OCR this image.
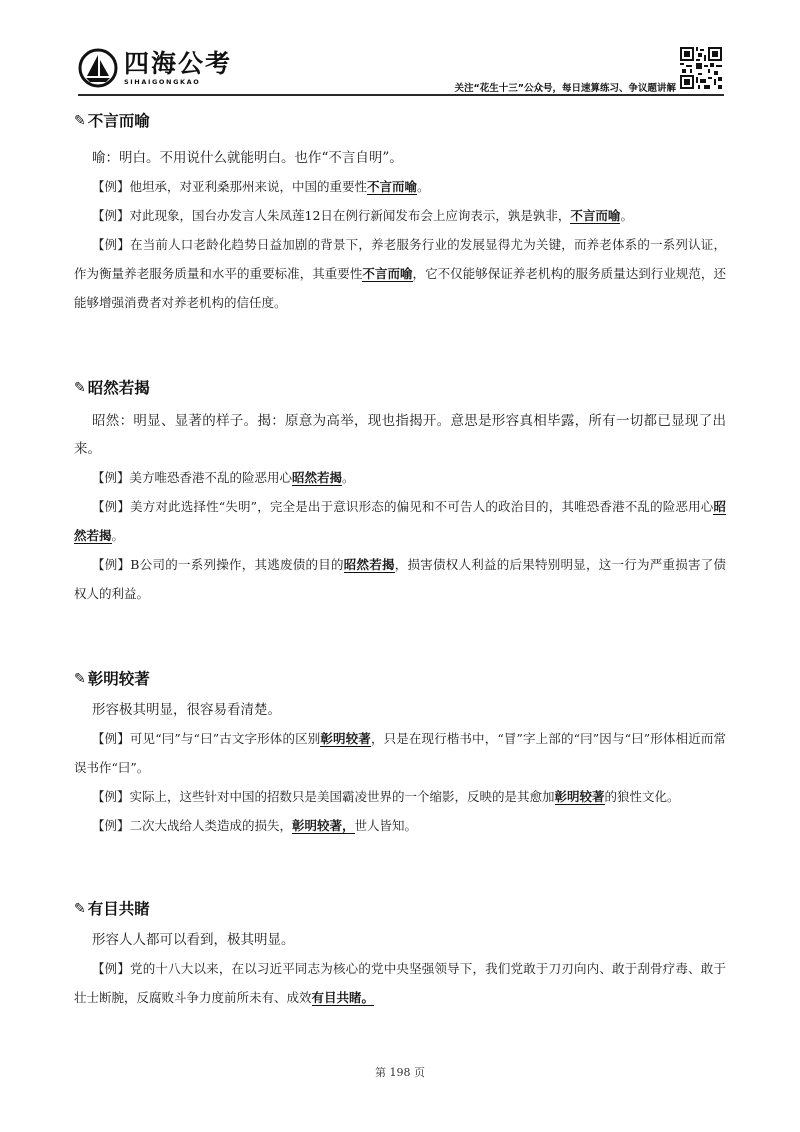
四海公考
SIHAIGONGKAO
关注“花生十三”公众号，每日速算练习、争议题讲解
✎ 不言而喻

喻：明白。不用说什么就能明白。也作“不言自明”。

【例】他坦承，对亚利桑那州来说，中国的重要性不言而喻。

【例】对此现象，国台办发言人朱凤莲12日在例行新闻发布会上应询表示，孰是孰非，不言而喻。

【例】在当前人口老龄化趋势日益加剧的背景下，养老服务行业的发展显得尤为关键，而养老体系的一系列认证，作为衡量养老服务质量和水平的重要标准，其重要性不言而喻，它不仅能够保证养老机构的服务质量达到行业规范，还能够增强消费者对养老机构的信任度。

✎ 昭然若揭

昭然：明显、显著的样子。揭：原意为高举，现也指揭开。意思是形容真相毕露，所有一切都已显现了出来。

【例】美方唯恐香港不乱的险恶用心昭然若揭。

【例】美方对此选择性“失明”，完全是出于意识形态的偏见和不可告人的政治目的，其唯恐香港不乱的险恶用心昭然若揭。

【例】B公司的一系列操作，其逃废债的目的昭然若揭，损害债权人利益的后果特别明显，这一行为严重损害了债权人的利益。

✎ 彰明较著

形容极其明显，很容易看清楚。

【例】可见“冃”与“曰”古文字形体的区别彰明较著，只是在现行楷书中，“冒”字上部的“冃”因与“曰”形体相近而常误书作“曰”。

【例】实际上，这些针对中国的招数只是美国霸凌世界的一个缩影，反映的是其愈加彰明较著的狼性文化。

【例】二次大战给人类造成的损失，彰明较著，世人皆知。

✎ 有目共睹

形容人人都可以看到，极其明显。

【例】党的十八大以来，在以习近平同志为核心的党中央坚强领导下，我们党敢于刀刃向内、敢于刮骨疗毒、敢于壮士断腕，反腐败斗争力度前所未有、成效有目共睹。

第 198 页
